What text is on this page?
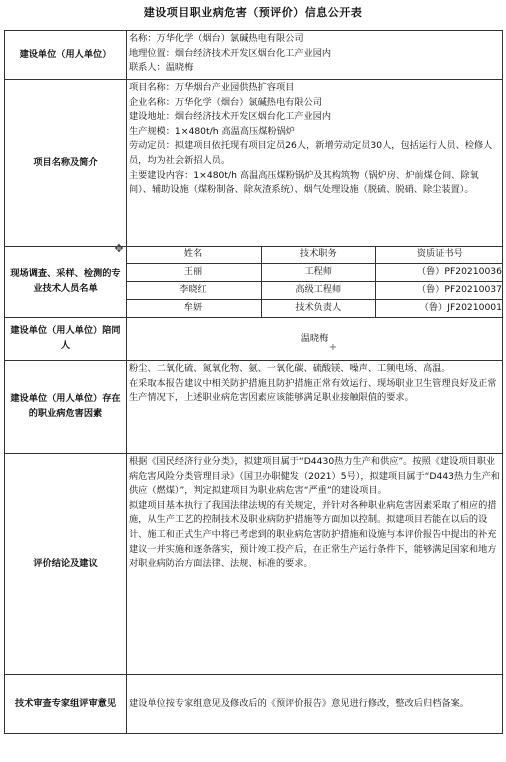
建设项目职业病危害（预评价）信息公开表
建设单位（用人单位）	
名称：万华化学（烟台）氯碱热电有限公司
地理位置：烟台经济技术开发区烟台化工产业园内
联系人：温晓梅

项目名称及简介	
项目名称：万华烟台产业园供热扩容项目
企业名称：万华化学（烟台）氯碱热电有限公司
建设地址：烟台经济技术开发区烟台化工产业园内
生产规模：1×480t/h 高温高压煤粉锅炉
劳动定员：拟建项目依托现有项目定员26人，新增劳动定员30人，包括运行人员、检修人员，均为社会新招人员。
主要建设内容：1×480t/h 高温高压煤粉锅炉及其构筑物（锅炉房、炉前煤仓间、除氧间）、辅助设施（煤粉制备、除灰渣系统）、烟气处理设施（脱硫、脱硝、除尘装置）。

现场调查、采样、检测的专业技术人员名单	
姓名	技术职务	资质证书号
王丽	工程师	（鲁）PF20210036
李晓红	高级工程师	（鲁）PF20210037
牟妍	技术负责人	（鲁）JF20210001

建设单位（用人单位）陪同人	温晓梅
建设单位（用人单位）存在的职业病危害因素	
粉尘、二氧化硫、氮氧化物、氨、一氧化碳、硫酸镁、噪声、工频电场、高温。
在采取本报告建议中相关防护措施且防护措施正常有效运行、现场职业卫生管理良好及正常生产情况下，上述职业病危害因素应该能够满足职业接触限值的要求。

评价结论及建议	
根据《国民经济行业分类》，拟建项目属于“D4430热力生产和供应”。按照《建设项目职业病危害风险分类管理目录》（国卫办职健发（2021）5号），拟建项目属于“D443热力生产和供应（燃煤）”，判定拟建项目为职业病危害“严重”的建设项目。
拟建项目基本执行了我国法律法规的有关规定，并针对各种职业病危害因素采取了相应的措施，从生产工艺的控制技术及职业病防护措施等方面加以控制。拟建项目若能在以后的设计、施工和正式生产中将已考虑到的职业病危害防护措施和设施与本评价报告中提出的补充建议一并实施和逐条落实，预计竣工投产后，在正常生产运行条件下，能够满足国家和地方对职业病防治方面法律、法规、标准的要求。

技术审查专家组评审意见	建设单位按专家组意见及修改后的《预评价报告》意见进行修改，整改后归档备案。
✥
+
